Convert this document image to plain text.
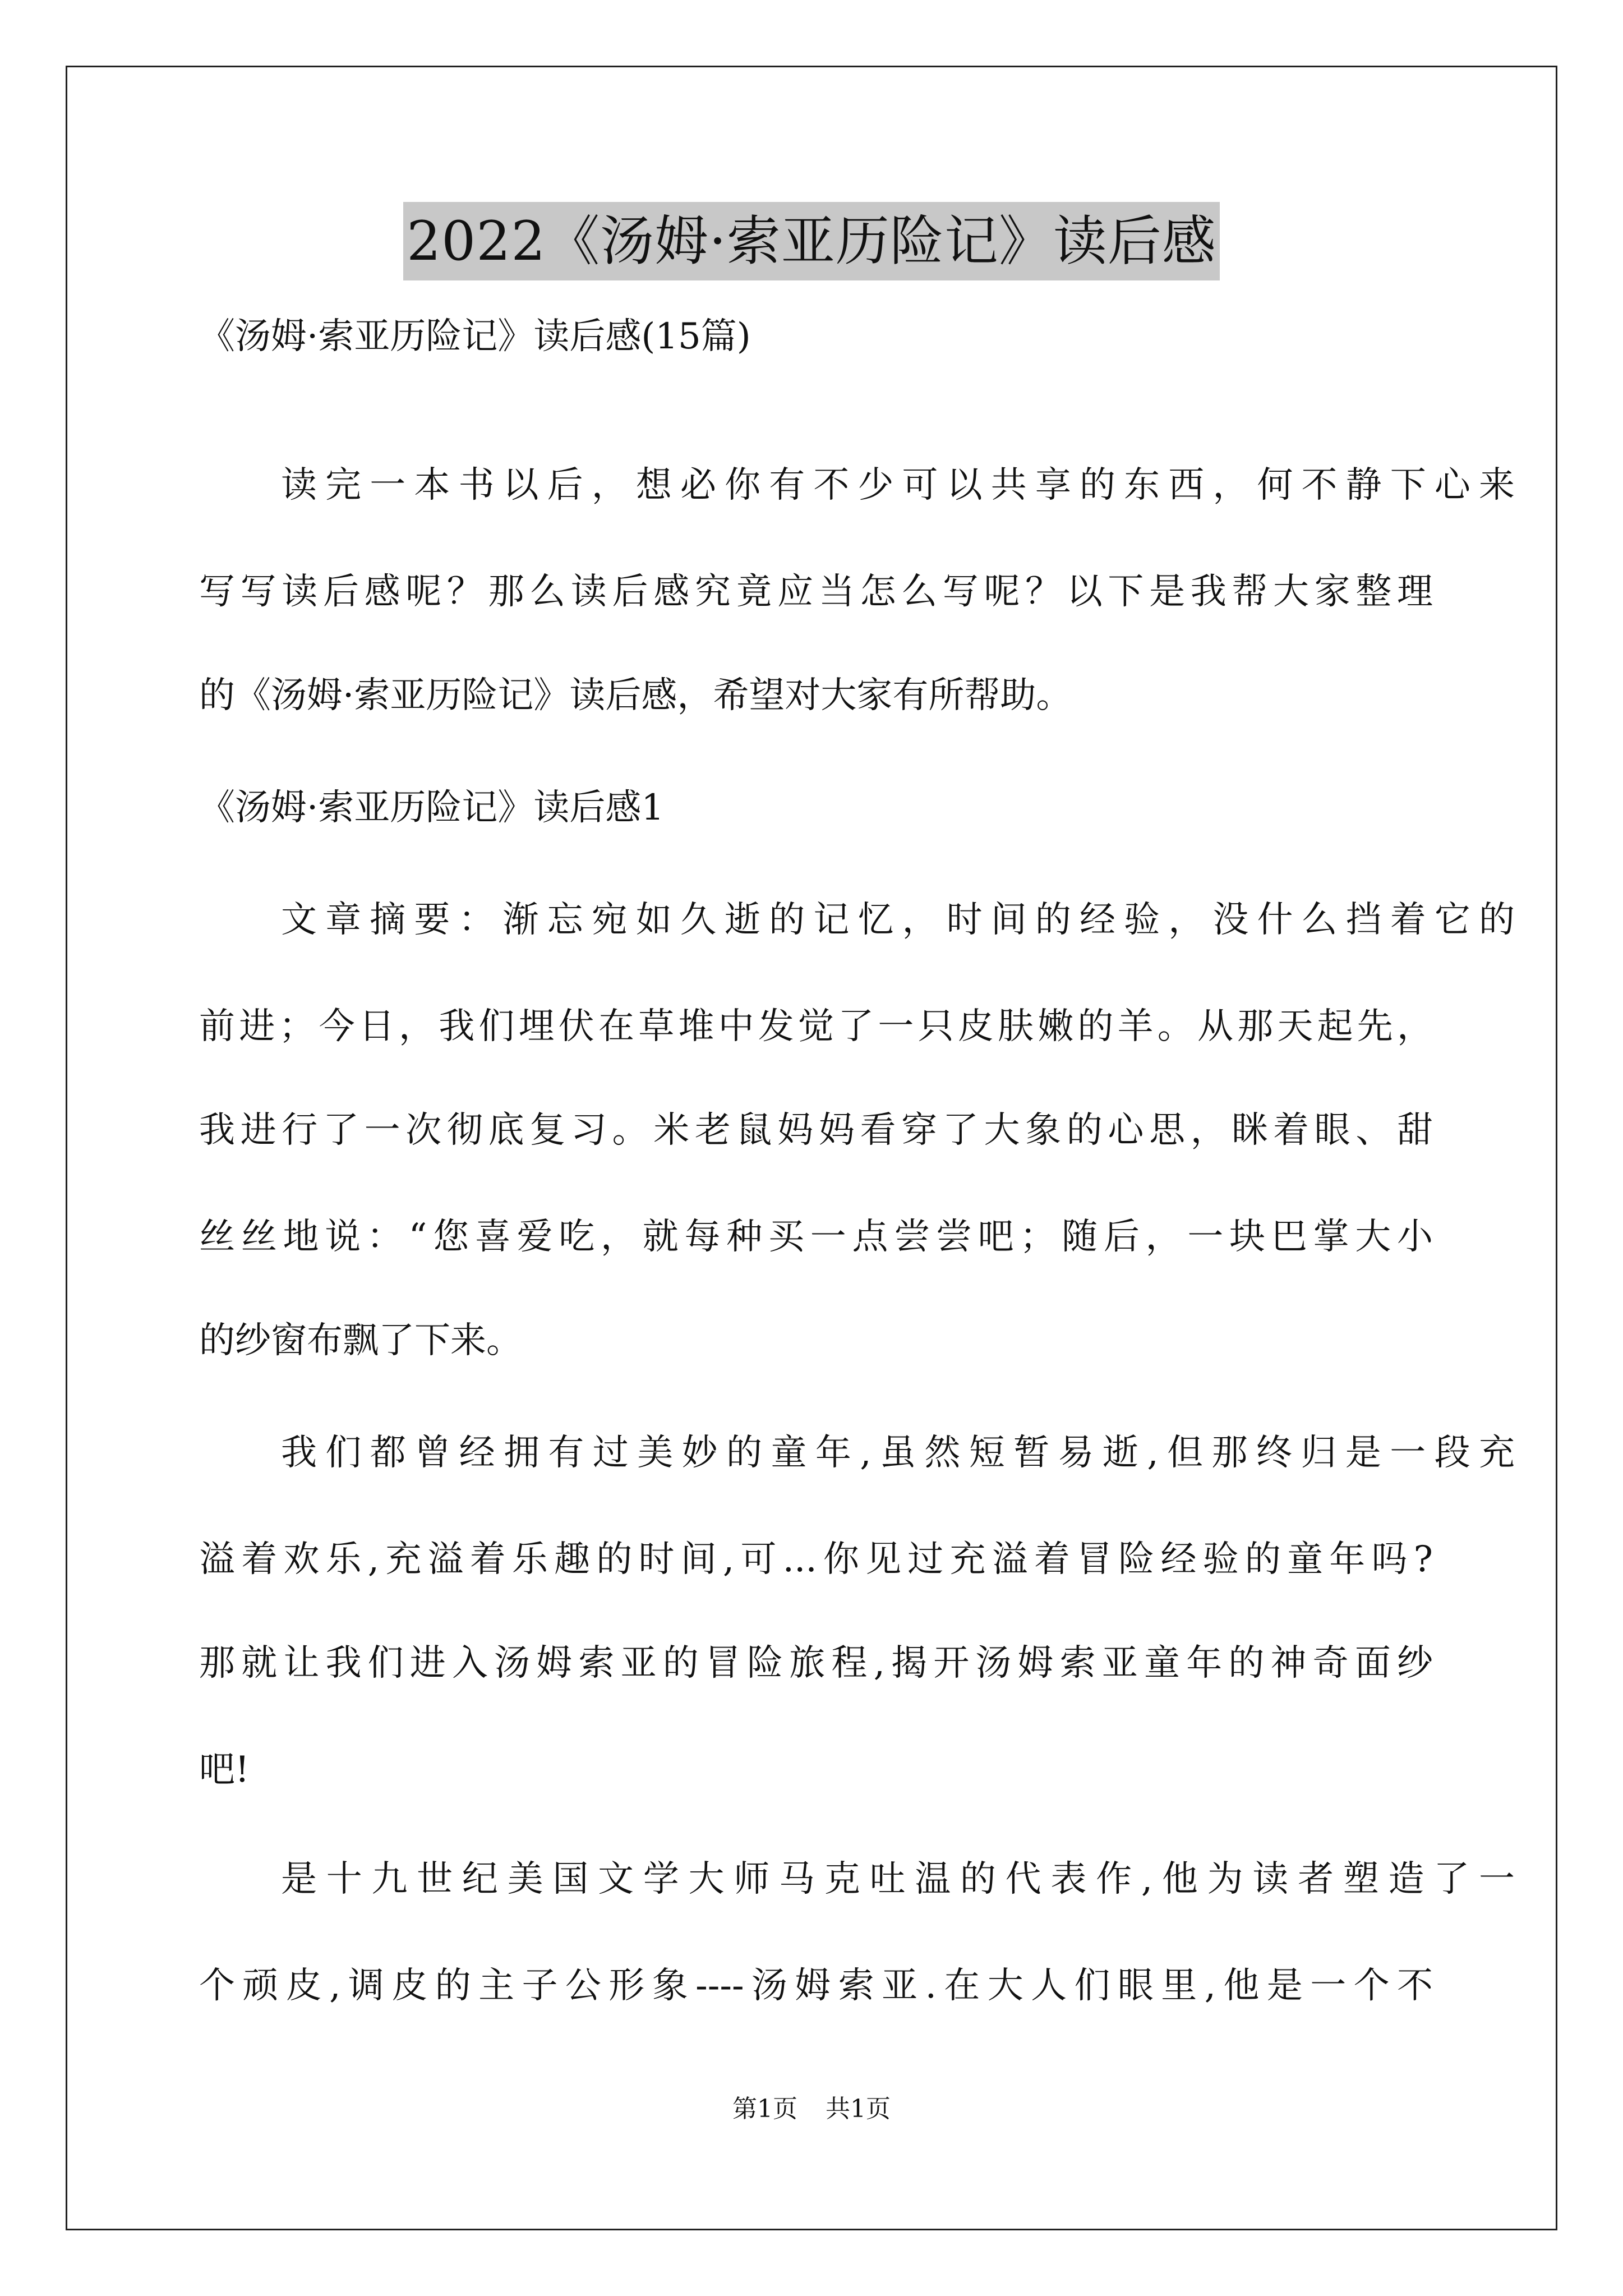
2022《汤姆·索亚历险记》读后感
《汤姆·索亚历险记》读后感(15篇)
读完一本书以后，想必你有不少可以共享的东西，何不静下心来
写写读后感呢？那么读后感究竟应当怎么写呢？以下是我帮大家整理
的《汤姆·索亚历险记》读后感，希望对大家有所帮助。
《汤姆·索亚历险记》读后感1
文章摘要：渐忘宛如久逝的记忆，时间的经验，没什么挡着它的
前进；今日，我们埋伏在草堆中发觉了一只皮肤嫩的羊。从那天起先，
我进行了一次彻底复习。米老鼠妈妈看穿了大象的心思，眯着眼、甜
丝丝地说：“您喜爱吃，就每种买一点尝尝吧；随后，一块巴掌大小
的纱窗布飘了下来。
我们都曾经拥有过美妙的童年,虽然短暂易逝,但那终归是一段充
溢着欢乐,充溢着乐趣的时间,可...你见过充溢着冒险经验的童年吗?
那就让我们进入汤姆索亚的冒险旅程,揭开汤姆索亚童年的神奇面纱
吧!
是十九世纪美国文学大师马克吐温的代表作,他为读者塑造了一
个顽皮,调皮的主子公形象----汤姆索亚.在大人们眼里,他是一个不
第1页 共1页
